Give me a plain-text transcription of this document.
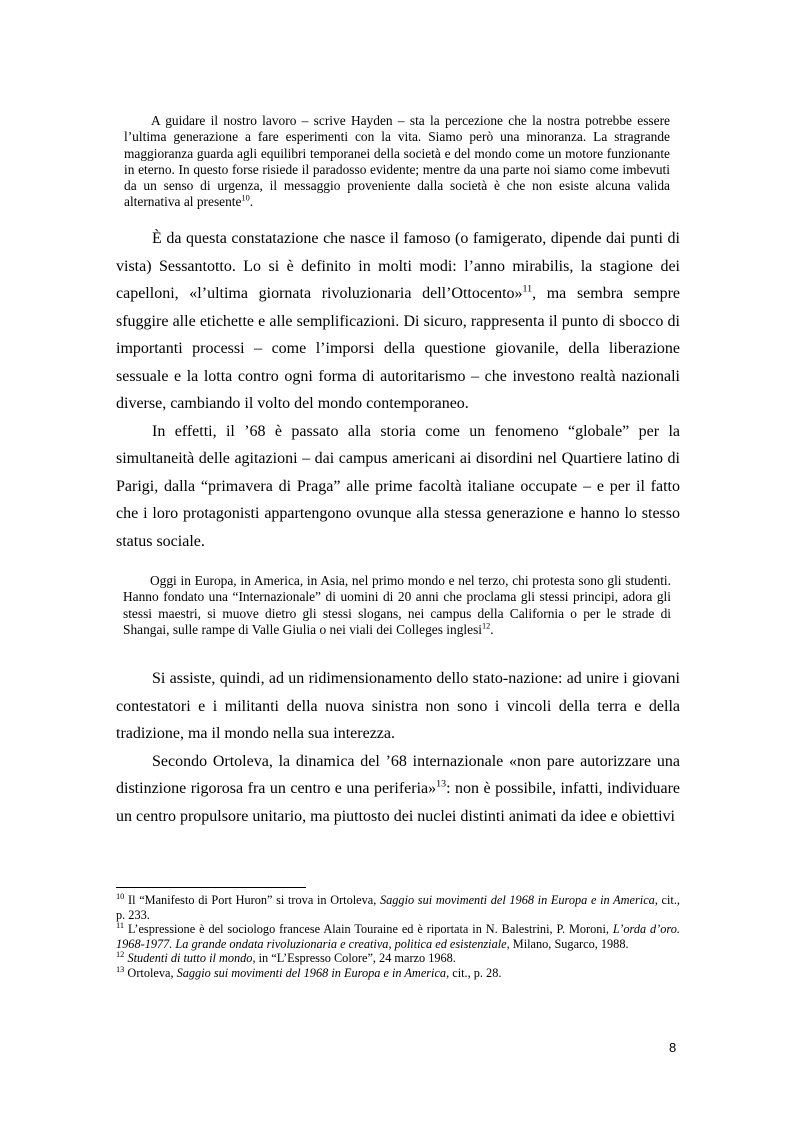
A guidare il nostro lavoro – scrive Hayden – sta la percezione che la nostra potrebbe essere l’ultima generazione a fare esperimenti con la vita. Siamo però una minoranza. La stragrande maggioranza guarda agli equilibri temporanei della società e del mondo come un motore funzionante in eterno. In questo forse risiede il paradosso evidente; mentre da una parte noi siamo come imbevuti da un senso di urgenza, il messaggio proveniente dalla società è che non esiste alcuna valida alternativa al presente$^{10}$.

È da questa constatazione che nasce il famoso (o famigerato, dipende dai punti di vista) Sessantotto. Lo si è definito in molti modi: l’anno mirabilis, la stagione dei capelloni, «l’ultima giornata rivoluzionaria dell’Ottocento»$^{11}$, ma sembra sempre sfuggire alle etichette e alle semplificazioni. Di sicuro, rappresenta il punto di sbocco di importanti processi – come l’imporsi della questione giovanile, della liberazione sessuale e la lotta contro ogni forma di autoritarismo – che investono realtà nazionali diverse, cambiando il volto del mondo contemporaneo.

In effetti, il ’68 è passato alla storia come un fenomeno “globale” per la simultaneità delle agitazioni – dai campus americani ai disordini nel Quartiere latino di Parigi, dalla “primavera di Praga” alle prime facoltà italiane occupate – e per il fatto che i loro protagonisti appartengono ovunque alla stessa generazione e hanno lo stesso status sociale.

Oggi in Europa, in America, in Asia, nel primo mondo e nel terzo, chi protesta sono gli studenti. Hanno fondato una “Internazionale” di uomini di 20 anni che proclama gli stessi principi, adora gli stessi maestri, si muove dietro gli stessi slogans, nei campus della California o per le strade di Shangai, sulle rampe di Valle Giulia o nei viali dei Colleges inglesi$^{12}$.

Si assiste, quindi, ad un ridimensionamento dello stato-nazione: ad unire i giovani contestatori e i militanti della nuova sinistra non sono i vincoli della terra e della tradizione, ma il mondo nella sua interezza.

Secondo Ortoleva, la dinamica del ’68 internazionale «non pare autorizzare una distinzione rigorosa fra un centro e una periferia»$^{13}$: non è possibile, infatti, individuare un centro propulsore unitario, ma piuttosto dei nuclei distinti animati da idee e obiettivi

$^{10}$ Il “Manifesto di Port Huron” si trova in Ortoleva, Saggio sui movimenti del 1968 in Europa e in America, cit., p. 233.

$^{11}$ L’espressione è del sociologo francese Alain Touraine ed è riportata in N. Balestrini, P. Moroni, L’orda d’oro. 1968-1977. La grande ondata rivoluzionaria e creativa, politica ed esistenziale, Milano, Sugarco, 1988.

$^{12}$ Studenti di tutto il mondo, in “L’Espresso Colore”, 24 marzo 1968.

$^{13}$ Ortoleva, Saggio sui movimenti del 1968 in Europa e in America, cit., p. 28.

8
